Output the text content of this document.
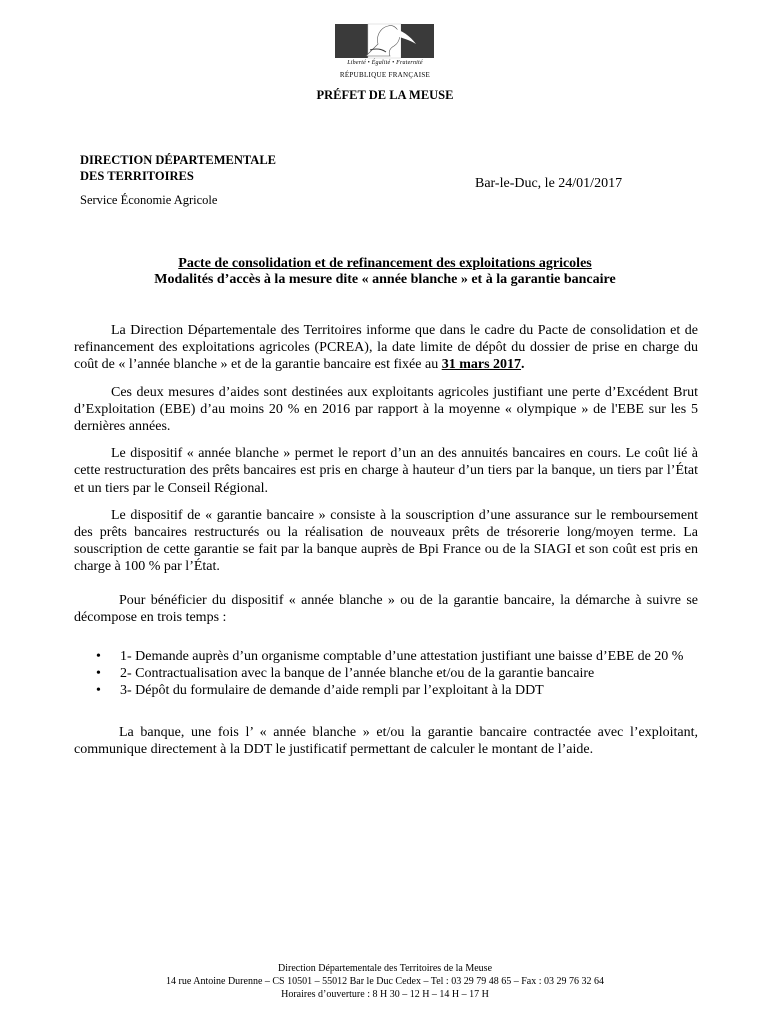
Liberté • Égalité • Fraternité
RÉPUBLIQUE FRANÇAISE
PRÉFET DE LA MEUSE
DIRECTION DÉPARTEMENTALE
DES TERRITOIRES
Service Économie Agricole
Bar-le-Duc, le 24/01/2017
Pacte de consolidation et de refinancement des exploitations agricoles
Modalités d’accès à la mesure dite « année blanche » et à la garantie bancaire

La Direction Départementale des Territoires informe que dans le cadre du Pacte de consolidation et de refinancement des exploitations agricoles (PCREA), la date limite de dépôt du dossier de prise en charge du coût de « l’année blanche » et de la garantie bancaire est fixée au 31 mars 2017.

Ces deux mesures d’aides sont destinées aux exploitants agricoles justifiant une perte d’Excédent Brut d’Exploitation (EBE) d’au moins 20 % en 2016 par rapport à la moyenne « olympique » de l'EBE sur les 5 dernières années.

Le dispositif « année blanche » permet le report d’un an des annuités bancaires en cours. Le coût lié à cette restructuration des prêts bancaires est pris en charge à hauteur d’un tiers par la banque, un tiers par l’État et un tiers par le Conseil Régional.

Le dispositif de « garantie bancaire » consiste à la souscription d’une assurance sur le remboursement des prêts bancaires restructurés ou la réalisation de nouveaux prêts de trésorerie long/moyen terme. La souscription de cette garantie se fait par la banque auprès de Bpi France ou de la SIAGI et son coût est pris en charge à 100 % par l’État.

Pour bénéficier du dispositif « année blanche » ou de la garantie bancaire, la démarche à suivre se décompose en trois temps :

• 1- Demande auprès d’un organisme comptable d’une attestation justifiant une baisse d’EBE de 20 %
• 2- Contractualisation avec la banque de l’année blanche et/ou de la garantie bancaire
• 3- Dépôt du formulaire de demande d’aide rempli par l’exploitant à la DDT

La banque, une fois l’ « année blanche » et/ou la garantie bancaire contractée avec l’exploitant, communique directement à la DDT le justificatif permettant de calculer le montant de l’aide.

Direction Départementale des Territoires de la Meuse
14 rue Antoine Durenne – CS 10501 – 55012 Bar le Duc Cedex – Tel : 03 29 79 48 65 – Fax : 03 29 76 32 64
Horaires d’ouverture : 8 H 30 – 12 H – 14 H – 17 H
